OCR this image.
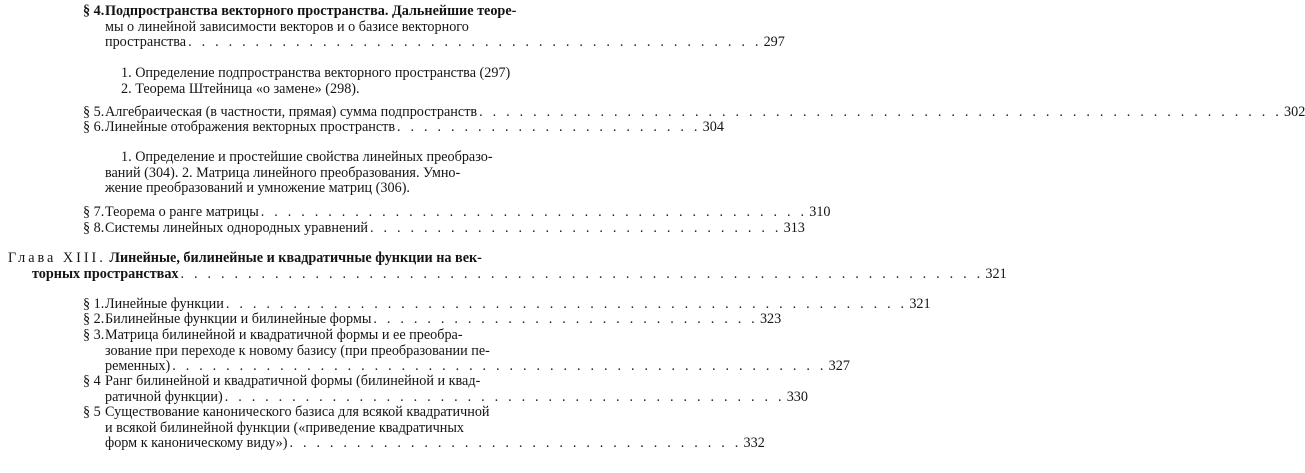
§ 4.Подпространства векторного пространства. Дальнейшие теоре-
мы о линейной зависимости векторов и о базисе векторного
пространства . . . . . . . . . . . . . . . . . . . . . . . . . . . . . . . . . . . . . . . . . . . 297
1. Определение подпространства векторного пространства (297)
2. Теорема Штейница «о замене» (298).
§ 5.Алгебраическая (в частности, прямая) сумма подпространств . . . . . . . . . . . . . . . . . . . . . . . . . . . . . . . . . . . . . . . . . . . . . . . . . . . . . . . . . . . . 302
§ 6.Линейные отображения векторных пространств . . . . . . . . . . . . . . . . . . . . . . . 304
1. Определение и простейшие свойства линейных преобразо-
ваний (304). 2. Матрица линейного преобразования. Умно-
жение преобразований и умножение матриц (306).
§ 7.Теорема о ранге матрицы . . . . . . . . . . . . . . . . . . . . . . . . . . . . . . . . . . . . . . . . . 310
§ 8.Системы линейных однородных уравнений . . . . . . . . . . . . . . . . . . . . . . . . . . . . . . . 313
Глава XIII. Линейные, билинейные и квадратичные функции на век-
торных пространствах . . . . . . . . . . . . . . . . . . . . . . . . . . . . . . . . . . . . . . . . . . . . . . . . . . . . . . . . . . . . 321
§ 1.Линейные функции . . . . . . . . . . . . . . . . . . . . . . . . . . . . . . . . . . . . . . . . . . . . . . . . . . . 321
§ 2.Билинейные функции и билинейные формы . . . . . . . . . . . . . . . . . . . . . . . . . . . . . 323
§ 3.Матрица билинейной и квадратичной формы и ее преобра-
зование при переходе к новому базису (при преобразовании пе-
ременных) . . . . . . . . . . . . . . . . . . . . . . . . . . . . . . . . . . . . . . . . . . . . . . . . . 327
§ 4 Ранг билинейной и квадратичной формы (билинейной и квад-
ратичной функции) . . . . . . . . . . . . . . . . . . . . . . . . . . . . . . . . . . . . . . . . . . 330
§ 5 Существование канонического базиса для всякой квадратичной
и всякой билинейной функции («приведение квадратичных
форм к каноническому виду») . . . . . . . . . . . . . . . . . . . . . . . . . . . . . . . . . . 332
